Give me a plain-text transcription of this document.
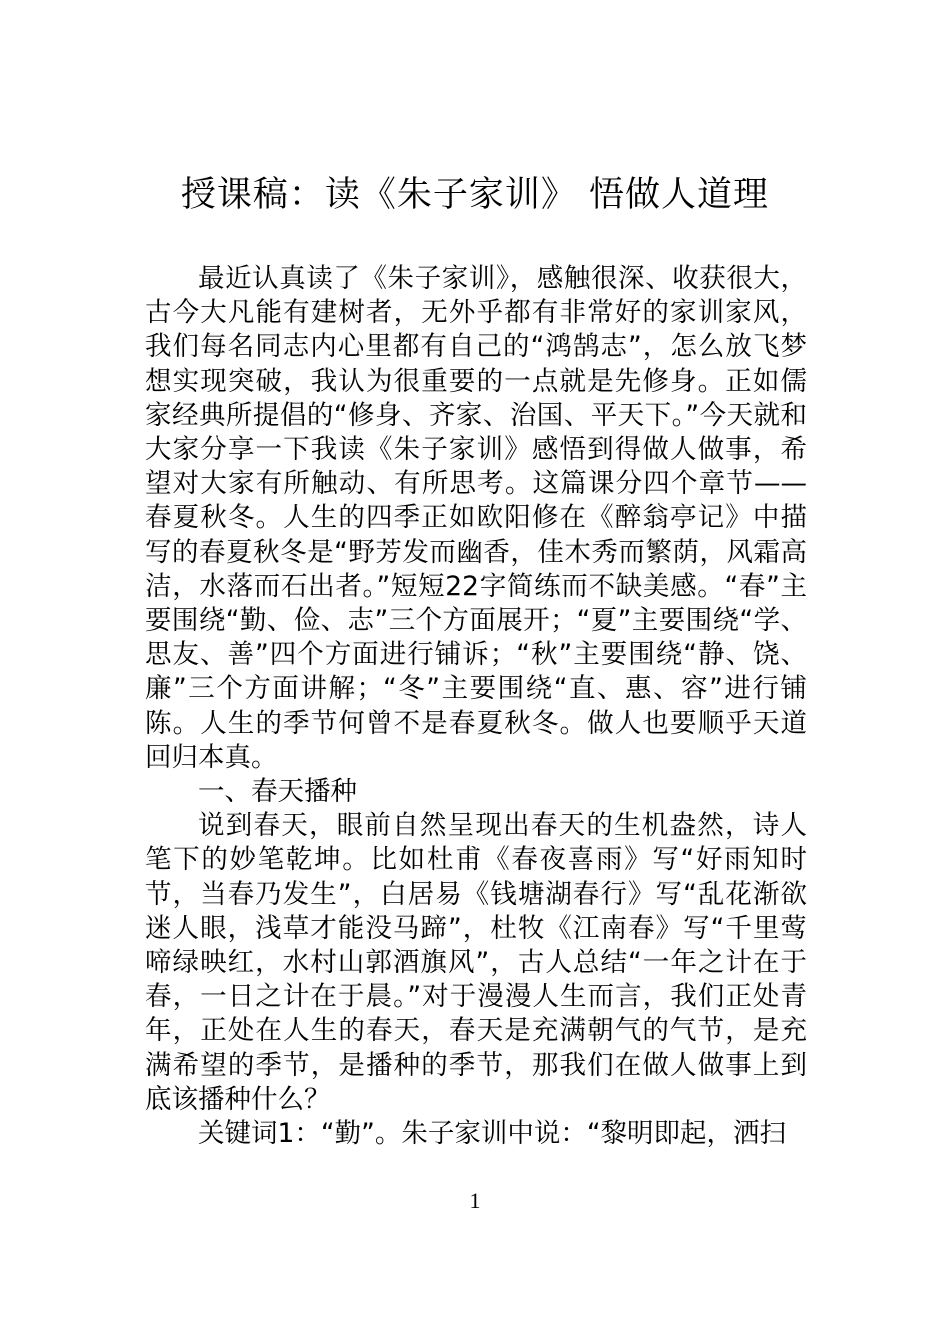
授课稿：读《朱子家训》 悟做人道理

最近认真读了《朱子家训》，感触很深、收获很大，古今大凡能有建树者，无外乎都有非常好的家训家风，我们每名同志内心里都有自己的“鸿鹄志”，怎么放飞梦想实现突破，我认为很重要的一点就是先修身。正如儒家经典所提倡的“修身、齐家、治国、平天下。”今天就和大家分享一下我读《朱子家训》感悟到得做人做事，希望对大家有所触动、有所思考。这篇课分四个章节——春夏秋冬。人生的四季正如欧阳修在《醉翁亭记》中描写的春夏秋冬是“野芳发而幽香，佳木秀而繁荫，风霜高洁，水落而石出者。”短短22字简练而不缺美感。“春”主要围绕“勤、俭、志”三个方面展开；“夏”主要围绕“学、思友、善”四个方面进行铺诉；“秋”主要围绕“静、饶、廉”三个方面讲解；“冬”主要围绕“直、惠、容”进行铺陈。人生的季节何曾不是春夏秋冬。做人也要顺乎天道回归本真。

一、春天播种

说到春天，眼前自然呈现出春天的生机盎然，诗人笔下的妙笔乾坤。比如杜甫《春夜喜雨》写“好雨知时节，当春乃发生”，白居易《钱塘湖春行》写“乱花渐欲迷人眼，浅草才能没马蹄”，杜牧《江南春》写“千里莺啼绿映红，水村山郭酒旗风”，古人总结“一年之计在于春，一日之计在于晨。”对于漫漫人生而言，我们正处青年，正处在人生的春天，春天是充满朝气的气节，是充满希望的季节，是播种的季节，那我们在做人做事上到底该播种什么？

关键词1：“勤”。朱子家训中说：“黎明即起，洒扫

1
